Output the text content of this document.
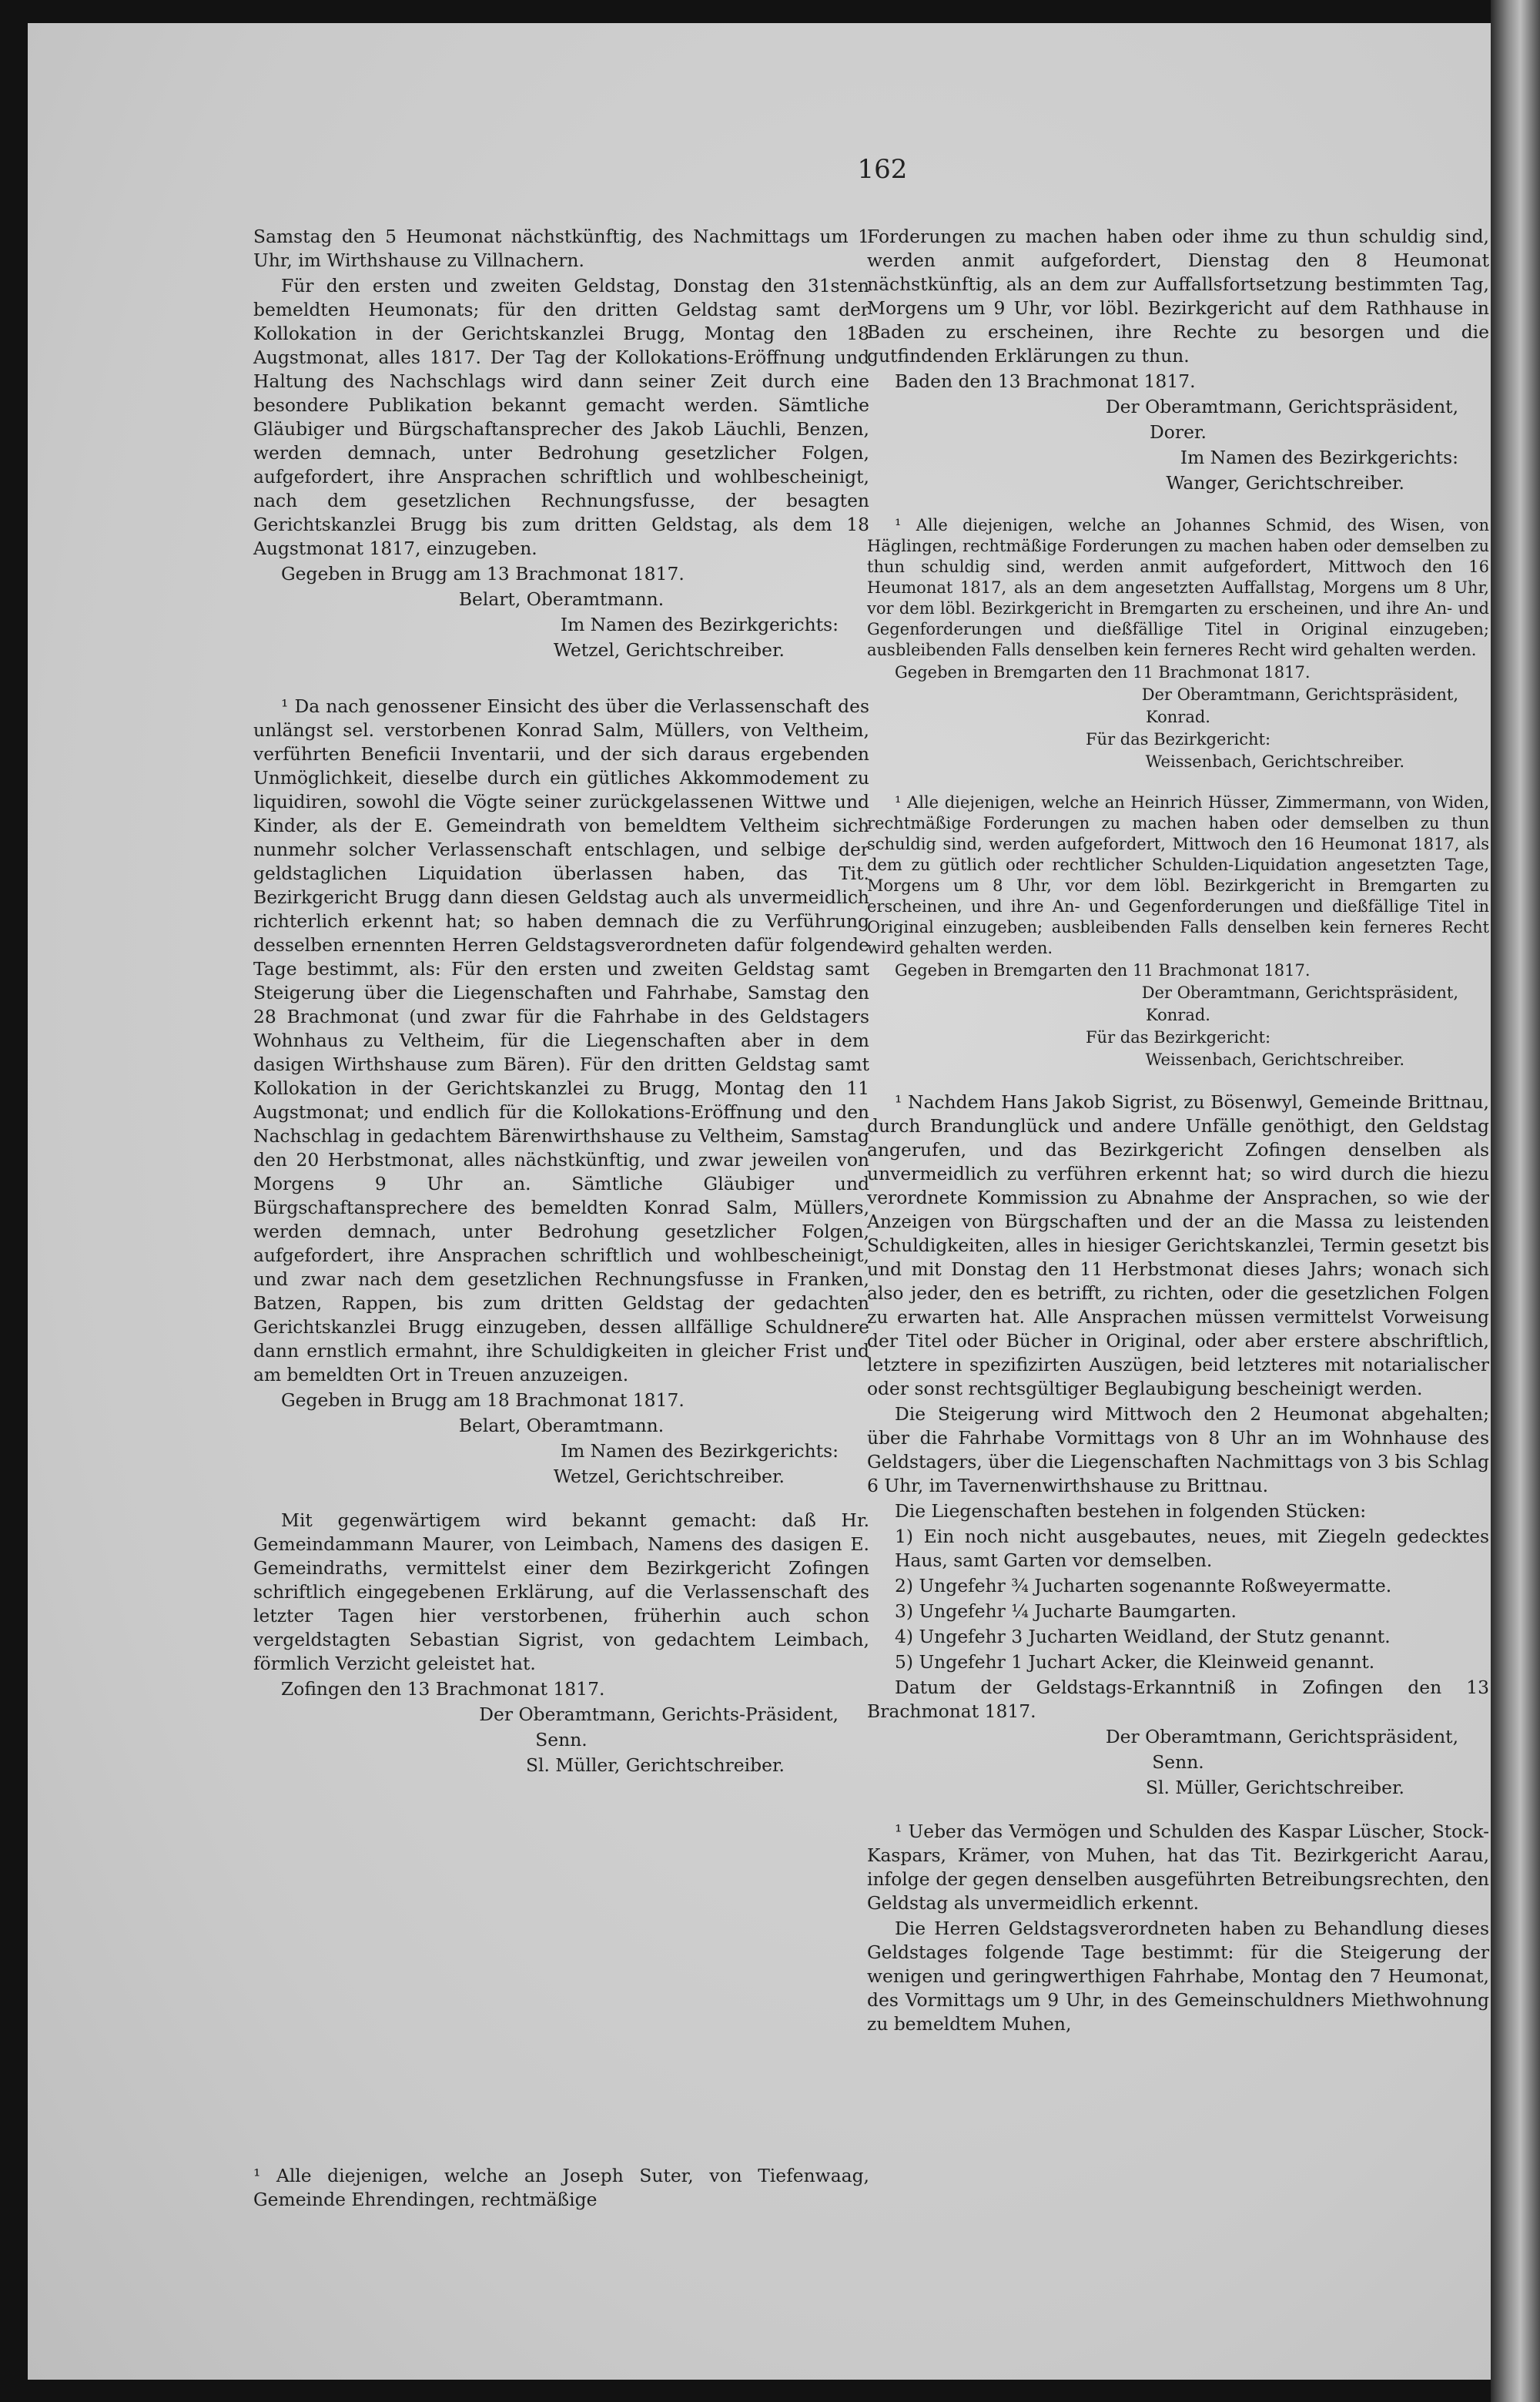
162
Samstag den 5 Heumonat nächstkünftig, des Nachmittags um 1 Uhr, im Wirthshause zu Villnachern.
Für den ersten und zweiten Geldstag, Donstag den 31sten bemeldten Heumonats; für den dritten Geldstag samt der Kollokation in der Gerichtskanzlei Brugg, Montag den 18 Augstmonat, alles 1817. Der Tag der Kollokations-Eröffnung und Haltung des Nachschlags wird dann seiner Zeit durch eine besondere Publikation bekannt gemacht werden. Sämtliche Gläubiger und Bürgschaftansprecher des Jakob Läuchli, Benzen, werden demnach, unter Bedrohung gesetzlicher Folgen, aufgefordert, ihre Ansprachen schriftlich und wohlbescheinigt, nach dem gesetzlichen Rechnungsfusse, der besagten Gerichtskanzlei Brugg bis zum dritten Geldstag, als dem 18 Augstmonat 1817, einzugeben.
Gegeben in Brugg am 13 Brachmonat 1817.
Belart, Oberamtmann.
Im Namen des Bezirkgerichts:
Wetzel, Gerichtschreiber.
¹ Da nach genossener Einsicht des über die Verlassenschaft des unlängst sel. verstorbenen Konrad Salm, Müllers, von Veltheim, verführten Beneficii Inventarii, und der sich daraus ergebenden Unmöglichkeit, dieselbe durch ein gütliches Akkommodement zu liquidiren, sowohl die Vögte seiner zurückgelassenen Wittwe und Kinder, als der E. Gemeindrath von bemeldtem Veltheim sich nunmehr solcher Verlassenschaft entschlagen, und selbige der geldstaglichen Liquidation überlassen haben, das Tit. Bezirkgericht Brugg dann diesen Geldstag auch als unvermeidlich richterlich erkennt hat; so haben demnach die zu Verführung desselben ernennten Herren Geldstagsverordneten dafür folgende Tage bestimmt, als: Für den ersten und zweiten Geldstag samt Steigerung über die Liegenschaften und Fahrhabe, Samstag den 28 Brachmonat (und zwar für die Fahrhabe in des Geldstagers Wohnhaus zu Veltheim, für die Liegenschaften aber in dem dasigen Wirthshause zum Bären). Für den dritten Geldstag samt Kollokation in der Gerichtskanzlei zu Brugg, Montag den 11 Augstmonat; und endlich für die Kollokations-Eröffnung und den Nachschlag in gedachtem Bärenwirthshause zu Veltheim, Samstag den 20 Herbstmonat, alles nächstkünftig, und zwar jeweilen von Morgens 9 Uhr an. Sämtliche Gläubiger und Bürgschaftansprechere des bemeldten Konrad Salm, Müllers, werden demnach, unter Bedrohung gesetzlicher Folgen, aufgefordert, ihre Ansprachen schriftlich und wohlbescheinigt, und zwar nach dem gesetzlichen Rechnungsfusse in Franken, Batzen, Rappen, bis zum dritten Geldstag der gedachten Gerichtskanzlei Brugg einzugeben, dessen allfällige Schuldnere dann ernstlich ermahnt, ihre Schuldigkeiten in gleicher Frist und am bemeldten Ort in Treuen anzuzeigen.
Gegeben in Brugg am 18 Brachmonat 1817.
Belart, Oberamtmann.
Im Namen des Bezirkgerichts:
Wetzel, Gerichtschreiber.
Mit gegenwärtigem wird bekannt gemacht: daß Hr. Gemeindammann Maurer, von Leimbach, Namens des dasigen E. Gemeindraths, vermittelst einer dem Bezirkgericht Zofingen schriftlich eingegebenen Erklärung, auf die Verlassenschaft des letzter Tagen hier verstorbenen, früherhin auch schon vergeldstagten Sebastian Sigrist, von gedachtem Leimbach, förmlich Verzicht geleistet hat.
Zofingen den 13 Brachmonat 1817.
Der Oberamtmann, Gerichts-Präsident,
Senn.
Sl. Müller, Gerichtschreiber.
Forderungen zu machen haben oder ihme zu thun schuldig sind, werden anmit aufgefordert, Dienstag den 8 Heumonat nächstkünftig, als an dem zur Auffallsfortsetzung bestimmten Tag, Morgens um 9 Uhr, vor löbl. Bezirkgericht auf dem Rathhause in Baden zu erscheinen, ihre Rechte zu besorgen und die gutfindenden Erklärungen zu thun.
Baden den 13 Brachmonat 1817.
Der Oberamtmann, Gerichtspräsident,
Dorer.
Im Namen des Bezirkgerichts:
Wanger, Gerichtschreiber.
¹ Alle diejenigen, welche an Johannes Schmid, des Wisen, von Häglingen, rechtmäßige Forderungen zu machen haben oder demselben zu thun schuldig sind, werden anmit aufgefordert, Mittwoch den 16 Heumonat 1817, als an dem angesetzten Auffallstag, Morgens um 8 Uhr, vor dem löbl. Bezirkgericht in Bremgarten zu erscheinen, und ihre An- und Gegenforderungen und dießfällige Titel in Original einzugeben; ausbleibenden Falls denselben kein ferneres Recht wird gehalten werden.
Gegeben in Bremgarten den 11 Brachmonat 1817.
Der Oberamtmann, Gerichtspräsident,
Konrad.
Für das Bezirkgericht:
Weissenbach, Gerichtschreiber.
¹ Alle diejenigen, welche an Heinrich Hüsser, Zimmermann, von Widen, rechtmäßige Forderungen zu machen haben oder demselben zu thun schuldig sind, werden aufgefordert, Mittwoch den 16 Heumonat 1817, als dem zu gütlich oder rechtlicher Schulden-Liquidation angesetzten Tage, Morgens um 8 Uhr, vor dem löbl. Bezirkgericht in Bremgarten zu erscheinen, und ihre An- und Gegenforderungen und dießfällige Titel in Original einzugeben; ausbleibenden Falls denselben kein ferneres Recht wird gehalten werden.
Gegeben in Bremgarten den 11 Brachmonat 1817.
Der Oberamtmann, Gerichtspräsident,
Konrad.
Für das Bezirkgericht:
Weissenbach, Gerichtschreiber.
¹ Nachdem Hans Jakob Sigrist, zu Bösenwyl, Gemeinde Brittnau, durch Brandunglück und andere Unfälle genöthigt, den Geldstag angerufen, und das Bezirkgericht Zofingen denselben als unvermeidlich zu verführen erkennt hat; so wird durch die hiezu verordnete Kommission zu Abnahme der Ansprachen, so wie der Anzeigen von Bürgschaften und der an die Massa zu leistenden Schuldigkeiten, alles in hiesiger Gerichtskanzlei, Termin gesetzt bis und mit Donstag den 11 Herbstmonat dieses Jahrs; wonach sich also jeder, den es betrifft, zu richten, oder die gesetzlichen Folgen zu erwarten hat. Alle Ansprachen müssen vermittelst Vorweisung der Titel oder Bücher in Original, oder aber erstere abschriftlich, letztere in spezifizirten Auszügen, beid letzteres mit notarialischer oder sonst rechtsgültiger Beglaubigung bescheinigt werden.
Die Steigerung wird Mittwoch den 2 Heumonat abgehalten; über die Fahrhabe Vormittags von 8 Uhr an im Wohnhause des Geldstagers, über die Liegenschaften Nachmittags von 3 bis Schlag 6 Uhr, im Tavernenwirthshause zu Brittnau.
Die Liegenschaften bestehen in folgenden Stücken:
1) Ein noch nicht ausgebautes, neues, mit Ziegeln gedecktes Haus, samt Garten vor demselben.
2) Ungefehr ¾ Jucharten sogenannte Roßweyermatte.
3) Ungefehr ¼ Jucharte Baumgarten.
4) Ungefehr 3 Jucharten Weidland, der Stutz genannt.
5) Ungefehr 1 Juchart Acker, die Kleinweid genannt.
Datum der Geldstags-Erkanntniß in Zofingen den 13 Brachmonat 1817.
Der Oberamtmann, Gerichtspräsident,
Senn.
Sl. Müller, Gerichtschreiber.
¹ Ueber das Vermögen und Schulden des Kaspar Lüscher, Stock-Kaspars, Krämer, von Muhen, hat das Tit. Bezirkgericht Aarau, infolge der gegen denselben ausgeführten Betreibungsrechten, den Geldstag als unvermeidlich erkennt.
Die Herren Geldstagsverordneten haben zu Behandlung dieses Geldstages folgende Tage bestimmt: für die Steigerung der wenigen und geringwerthigen Fahrhabe, Montag den 7 Heumonat, des Vormittags um 9 Uhr, in des Gemeinschuldners Miethwohnung zu bemeldtem Muhen,
¹ Alle diejenigen, welche an Joseph Suter, von Tiefenwaag, Gemeinde Ehrendingen, rechtmäßige
